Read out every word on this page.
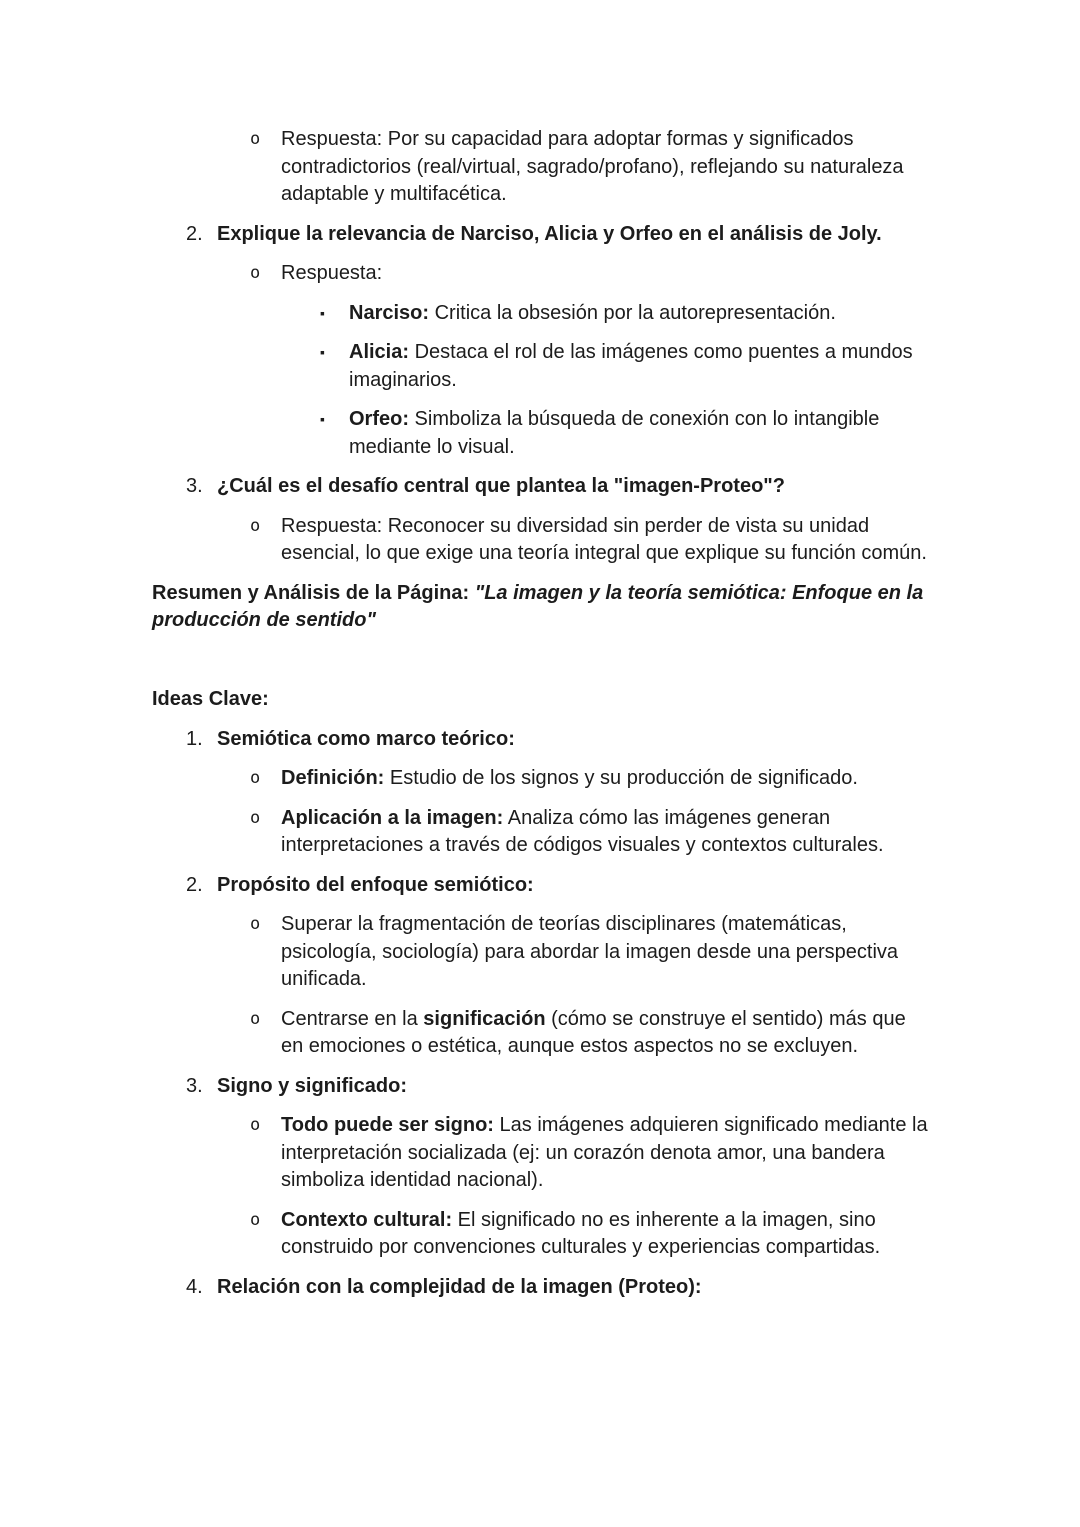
o Respuesta: Por su capacidad para adoptar formas y significados contradictorios (real/virtual, sagrado/profano), reflejando su naturaleza adaptable y multifacética.
2. Explique la relevancia de Narciso, Alicia y Orfeo en el análisis de Joly.
o Respuesta:
▪ Narciso: Critica la obsesión por la autorepresentación.
▪ Alicia: Destaca el rol de las imágenes como puentes a mundos imaginarios.
▪ Orfeo: Simboliza la búsqueda de conexión con lo intangible mediante lo visual.
3. ¿Cuál es el desafío central que plantea la "imagen-Proteo"?
o Respuesta: Reconocer su diversidad sin perder de vista su unidad esencial, lo que exige una teoría integral que explique su función común.
Resumen y Análisis de la Página: "La imagen y la teoría semiótica: Enfoque en la producción de sentido"
Ideas Clave:
1. Semiótica como marco teórico:
o Definición: Estudio de los signos y su producción de significado.
o Aplicación a la imagen: Analiza cómo las imágenes generan interpretaciones a través de códigos visuales y contextos culturales.
2. Propósito del enfoque semiótico:
o Superar la fragmentación de teorías disciplinares (matemáticas, psicología, sociología) para abordar la imagen desde una perspectiva unificada.
o Centrarse en la significación (cómo se construye el sentido) más que en emociones o estética, aunque estos aspectos no se excluyen.
3. Signo y significado:
o Todo puede ser signo: Las imágenes adquieren significado mediante la interpretación socializada (ej: un corazón denota amor, una bandera simboliza identidad nacional).
o Contexto cultural: El significado no es inherente a la imagen, sino construido por convenciones culturales y experiencias compartidas.
4. Relación con la complejidad de la imagen (Proteo):
